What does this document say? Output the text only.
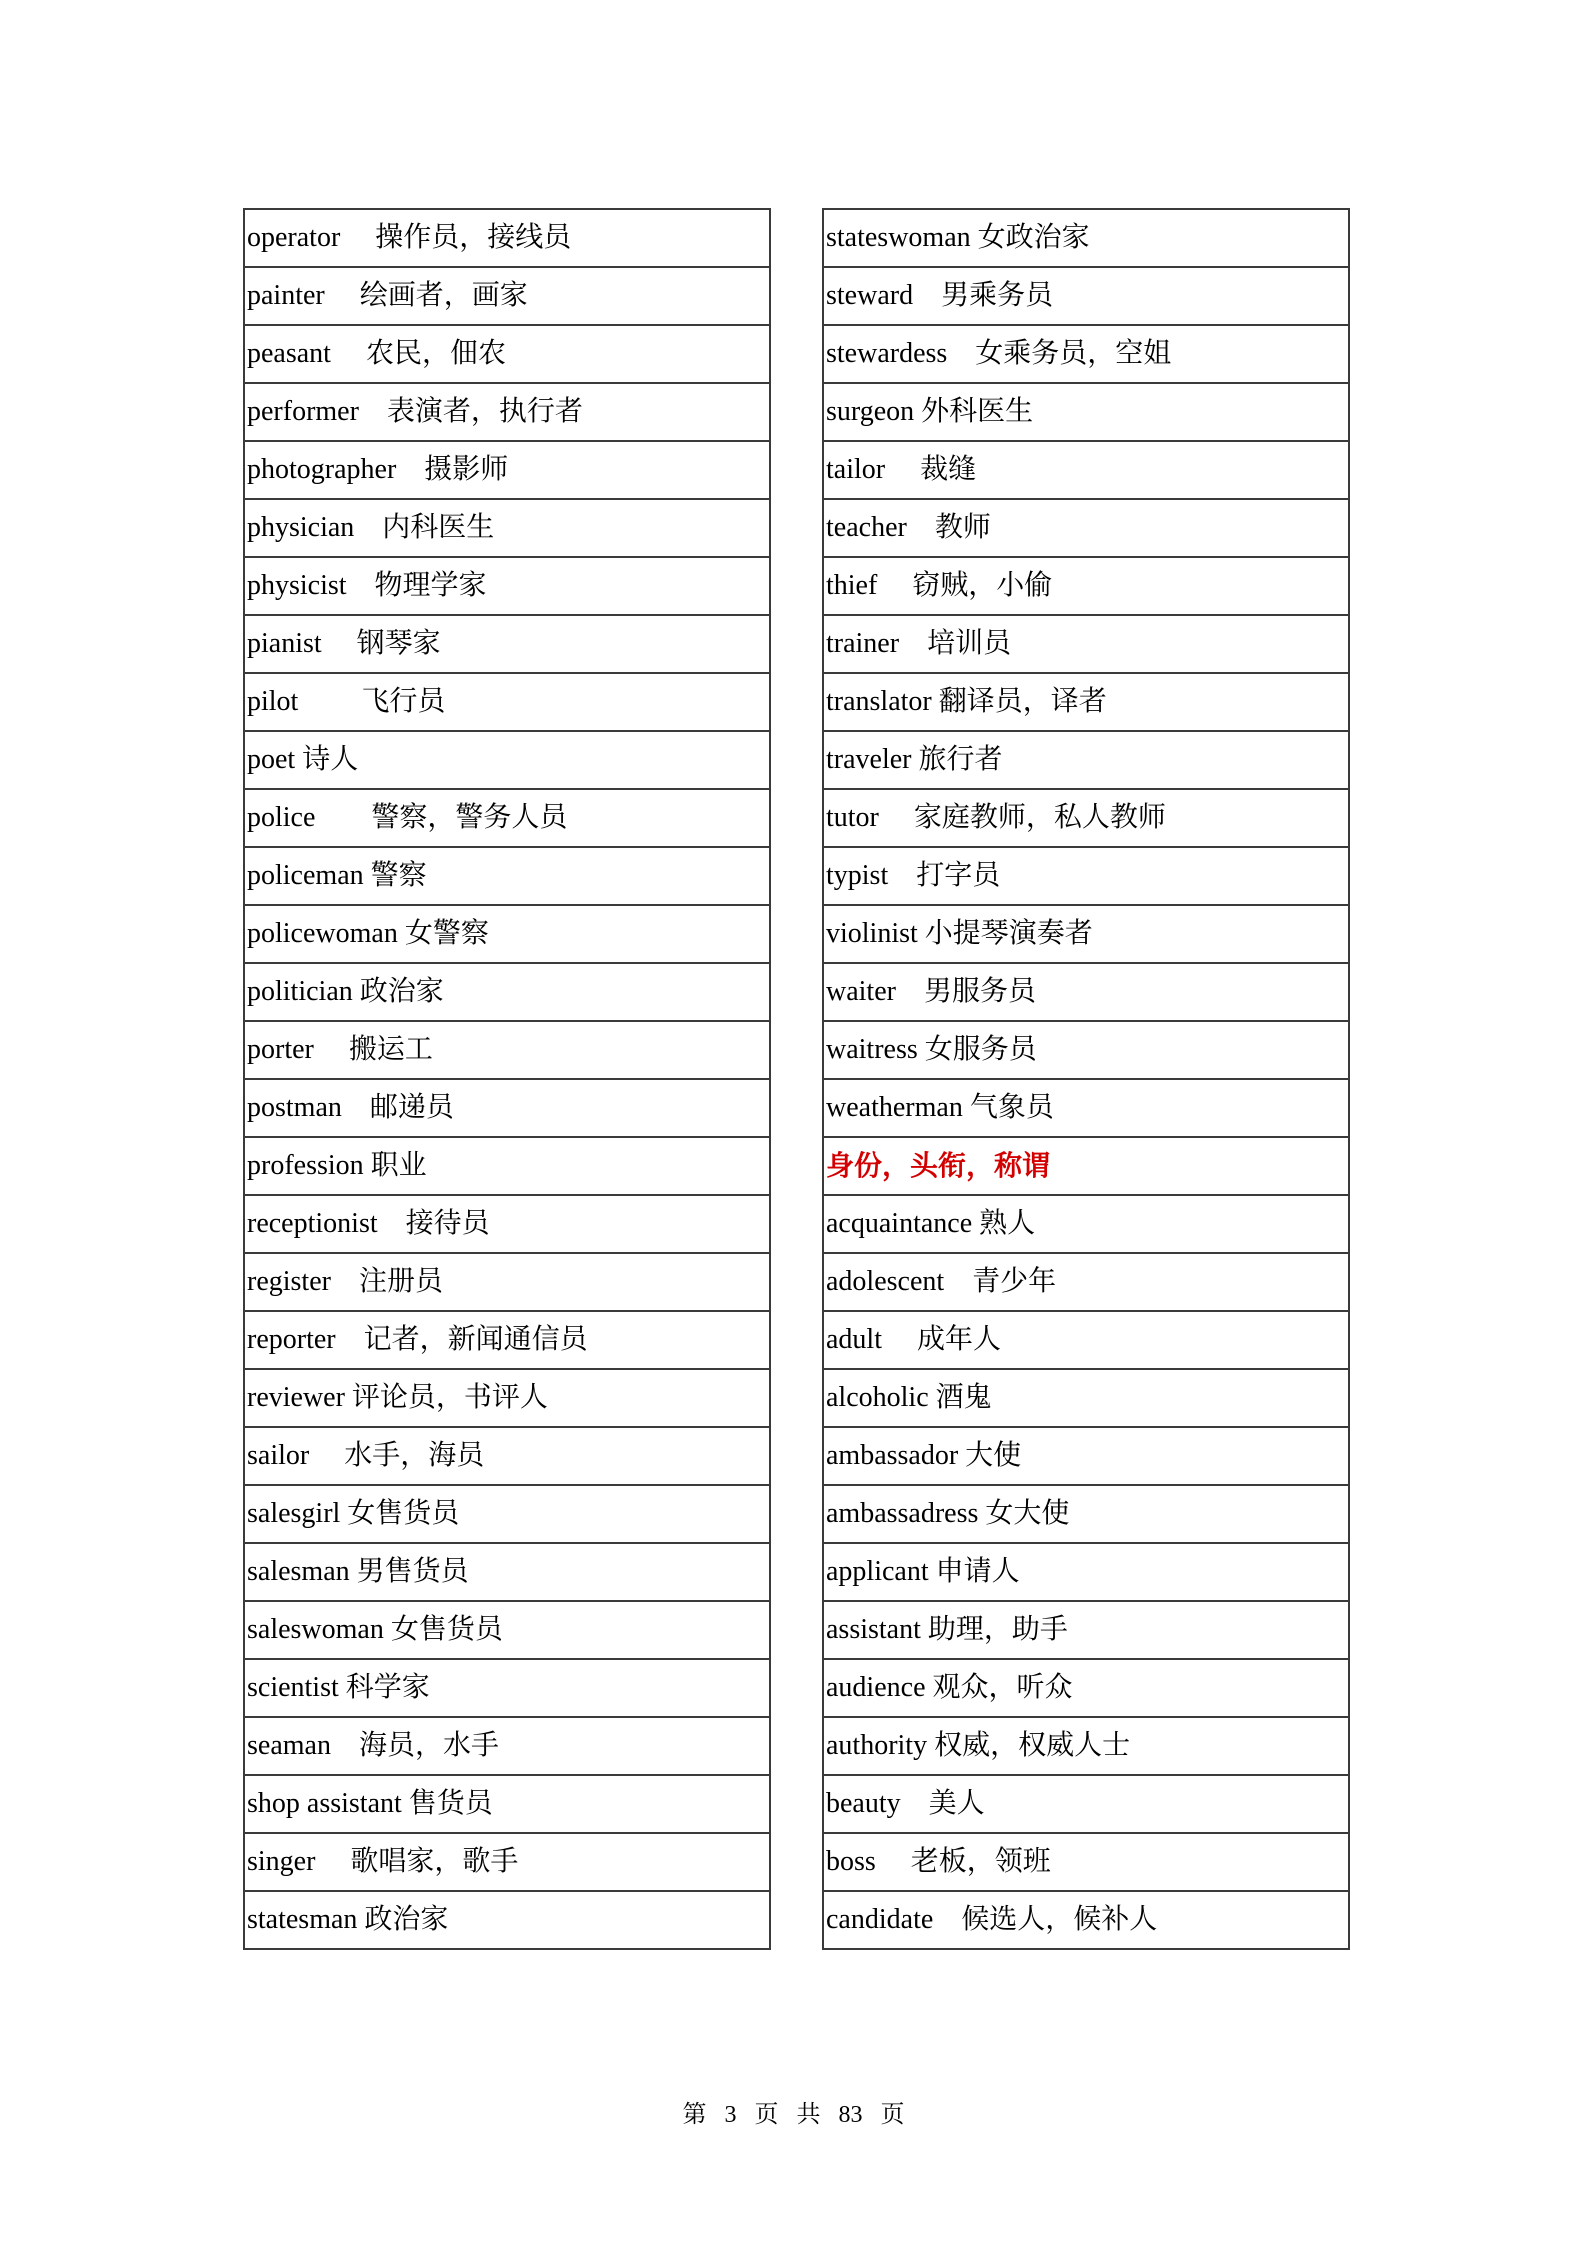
operator　 操作员，接线员
painter　 绘画者，画家
peasant　 农民，佃农
performer　表演者，执行者
photographer　摄影师
physician　内科医生
physicist　物理学家
pianist　 钢琴家
pilot　　 飞行员
poet 诗人
police　　警察，警务人员
policeman 警察
policewoman 女警察
politician 政治家
porter　 搬运工
postman　邮递员
profession 职业
receptionist　接待员
register　注册员
reporter　记者，新闻通信员
reviewer 评论员，书评人
sailor　 水手，海员
salesgirl 女售货员
salesman 男售货员
saleswoman 女售货员
scientist 科学家
seaman　海员，水手
shop assistant 售货员
singer　 歌唱家，歌手
statesman 政治家
stateswoman 女政治家
steward　男乘务员
stewardess　女乘务员，空姐
surgeon 外科医生
tailor　 裁缝
teacher　教师
thief　 窃贼，小偷
trainer　培训员
translator 翻译员，译者
traveler 旅行者
tutor　 家庭教师，私人教师
typist　打字员
violinist 小提琴演奏者
waiter　男服务员
waitress 女服务员
weatherman 气象员
身份，头衔，称谓
acquaintance 熟人
adolescent　青少年
adult　 成年人
alcoholic 酒鬼
ambassador 大使
ambassadress 女大使
applicant 申请人
assistant 助理，助手
audience 观众，听众
authority 权威，权威人士
beauty　美人
boss　 老板，领班
candidate　候选人，候补人
第 3 页 共 83 页
